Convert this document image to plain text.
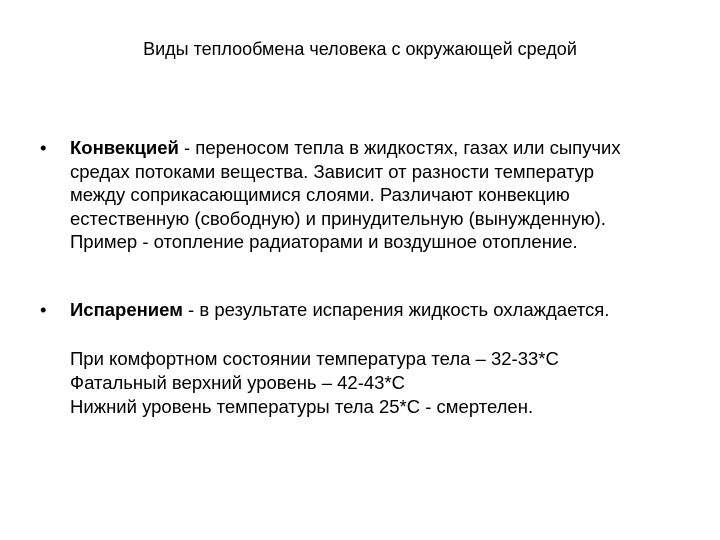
Виды теплообмена человека с окружающей средой
•	Конвекцией - переносом тепла в жидкостях, газах или сыпучих
средах потоками вещества. Зависит от разности температур
между соприкасающимися слоями. Различают конвекцию
естественную (свободную) и принудительную (вынужденную).
Пример - отопление радиаторами и воздушное отопление.
•	Испарением - в результате испарения жидкость охлаждается.
При комфортном состоянии температура тела – 32-33*С
Фатальный верхний уровень – 42-43*С
Нижний уровень температуры тела 25*С - смертелен.
